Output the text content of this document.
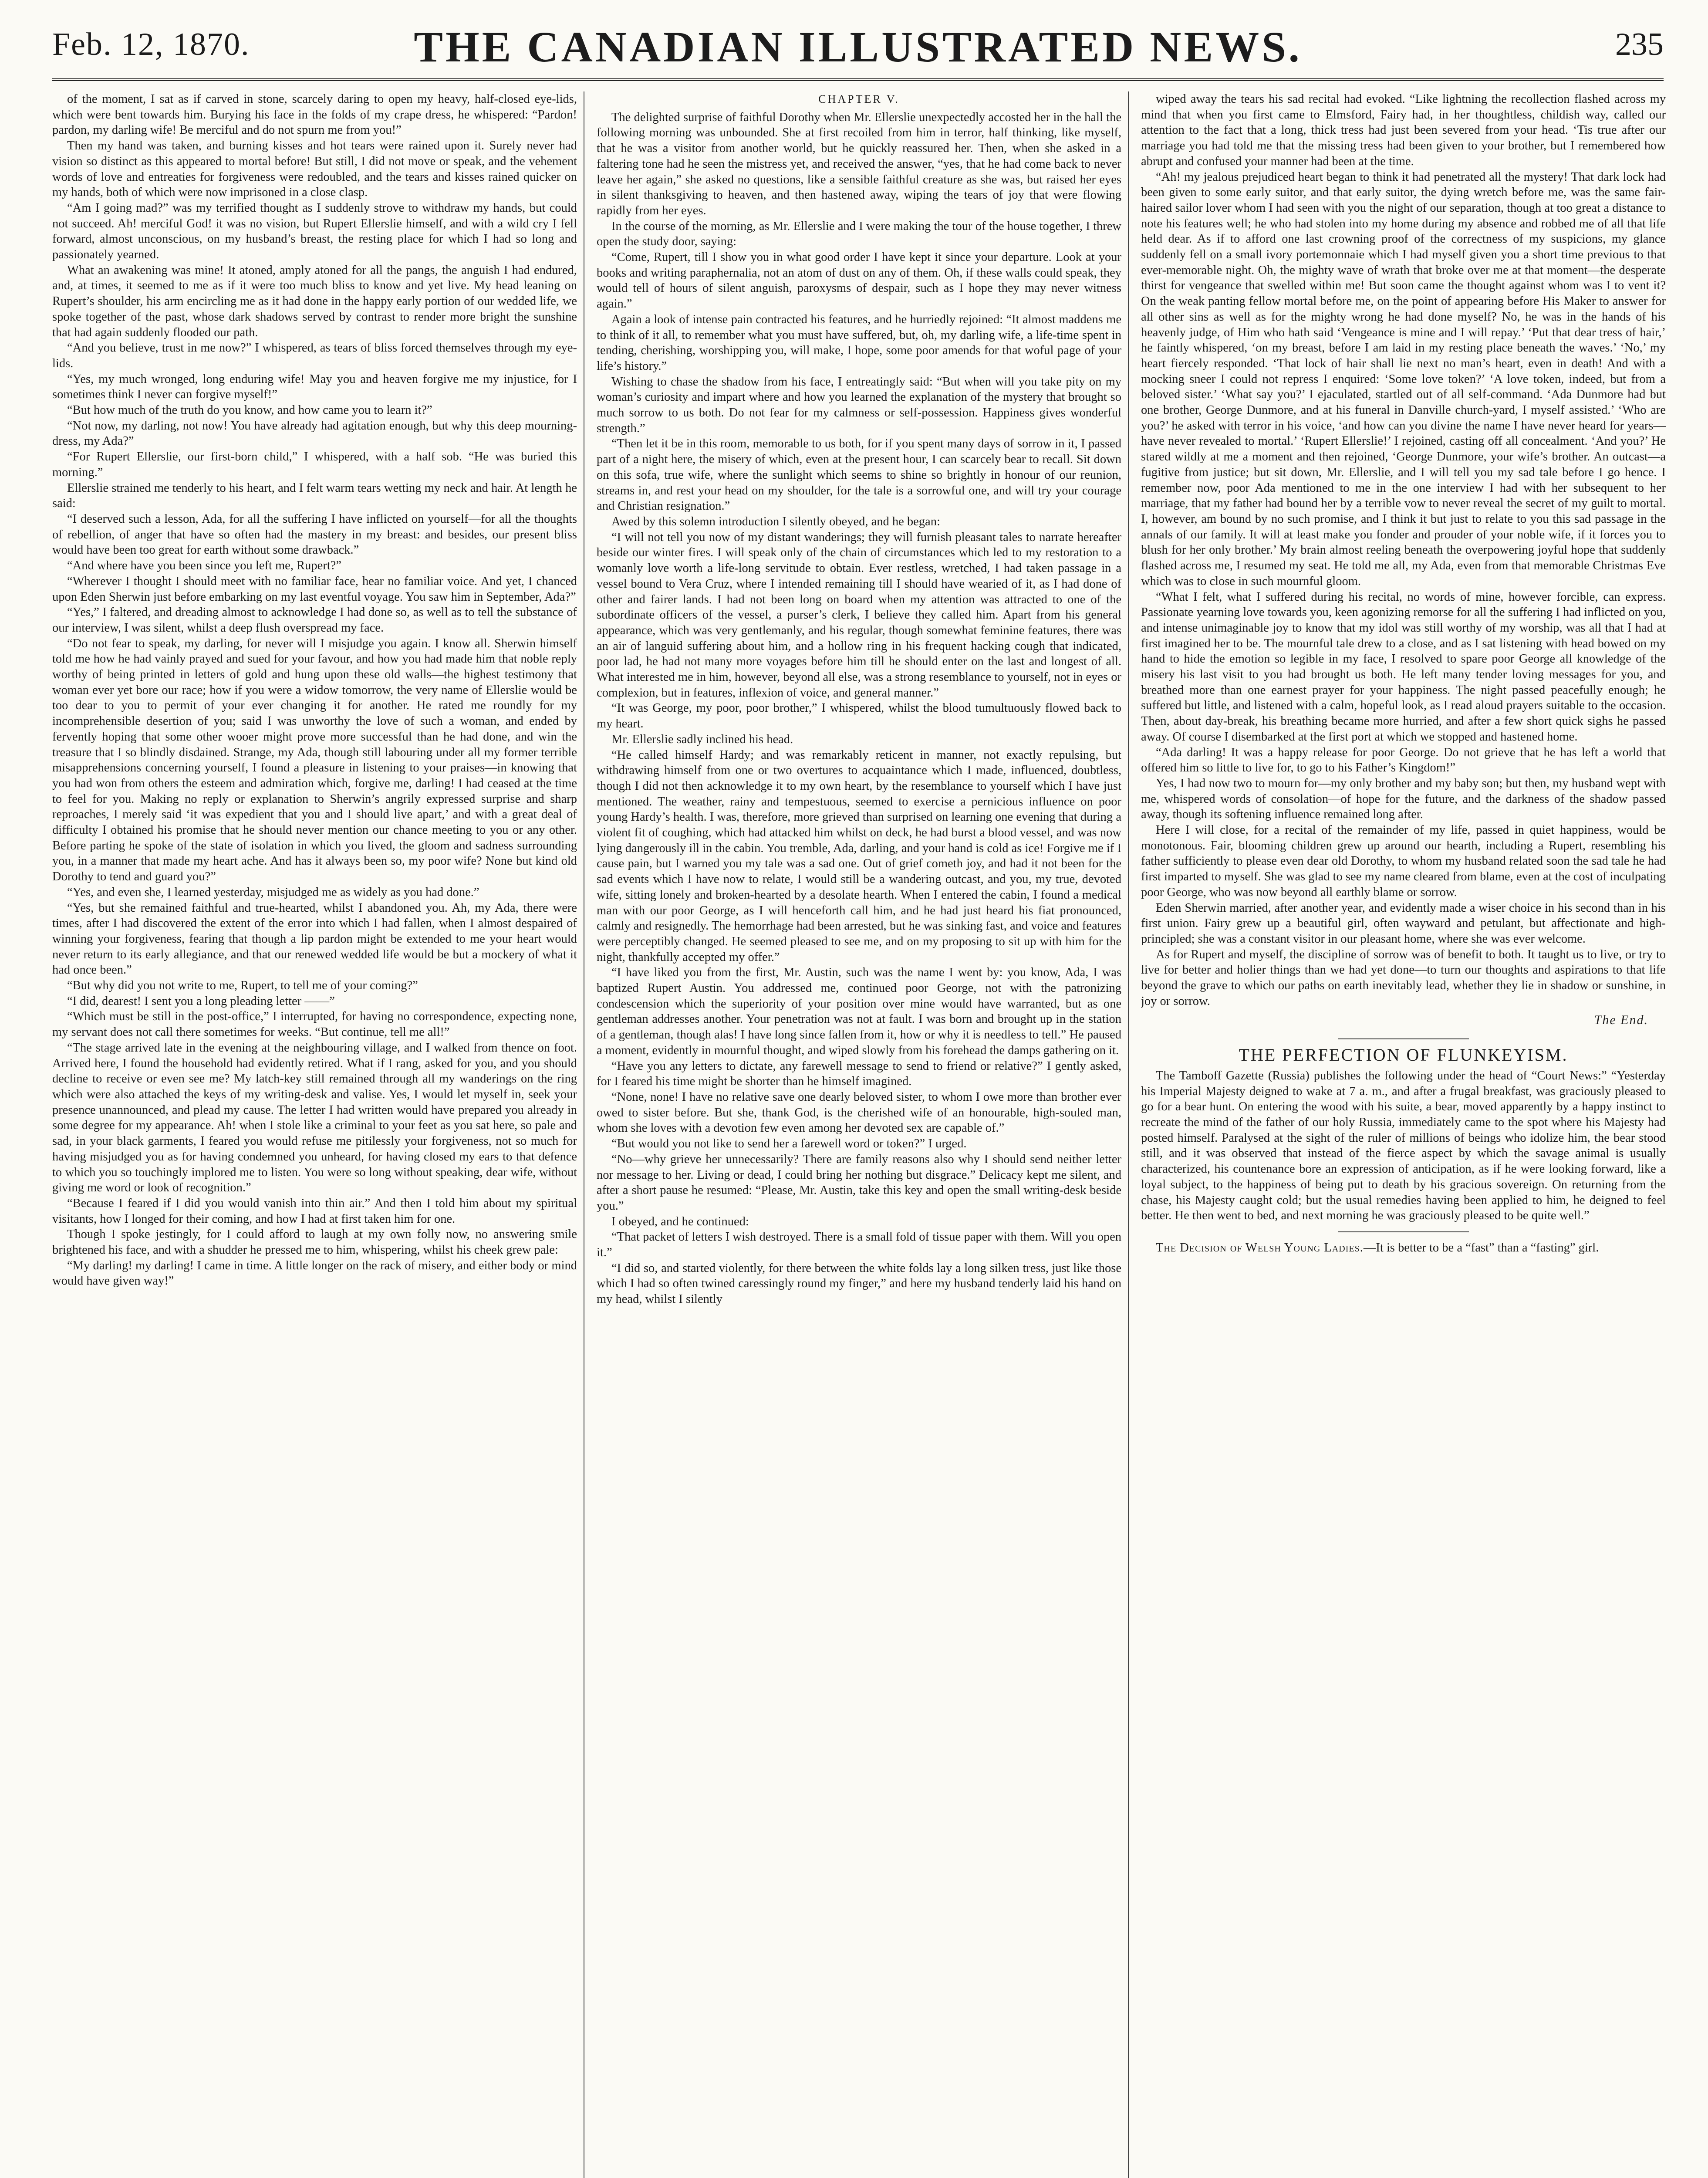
Feb. 12, 1870.	THE CANADIAN ILLUSTRATED NEWS.	235

of the moment, I sat as if carved in stone, scarcely daring to open my heavy, half-closed eye-lids, which were bent towards him. Burying his face in the folds of my crape dress, he whispered: “Pardon! pardon, my darling wife! Be merciful and do not spurn me from you!”

Then my hand was taken, and burning kisses and hot tears were rained upon it. Surely never had vision so distinct as this appeared to mortal before! But still, I did not move or speak, and the vehement words of love and entreaties for forgiveness were redoubled, and the tears and kisses rained quicker on my hands, both of which were now imprisoned in a close clasp.

“Am I going mad?” was my terrified thought as I suddenly strove to withdraw my hands, but could not succeed. Ah! merciful God! it was no vision, but Rupert Ellerslie himself, and with a wild cry I fell forward, almost unconscious, on my husband’s breast, the resting place for which I had so long and passionately yearned.

What an awakening was mine! It atoned, amply atoned for all the pangs, the anguish I had endured, and, at times, it seemed to me as if it were too much bliss to know and yet live. My head leaning on Rupert’s shoulder, his arm encircling me as it had done in the happy early portion of our wedded life, we spoke together of the past, whose dark shadows served by contrast to render more bright the sunshine that had again suddenly flooded our path.

“And you believe, trust in me now?” I whispered, as tears of bliss forced themselves through my eye-lids.

“Yes, my much wronged, long enduring wife! May you and heaven forgive me my injustice, for I sometimes think I never can forgive myself!”

“But how much of the truth do you know, and how came you to learn it?”

“Not now, my darling, not now! You have already had agitation enough, but why this deep mourning-dress, my Ada?”

“For Rupert Ellerslie, our first-born child,” I whispered, with a half sob. “He was buried this morning.”

Ellerslie strained me tenderly to his heart, and I felt warm tears wetting my neck and hair. At length he said:

“I deserved such a lesson, Ada, for all the suffering I have inflicted on yourself—for all the thoughts of rebellion, of anger that have so often had the mastery in my breast: and besides, our present bliss would have been too great for earth without some drawback.”

“And where have you been since you left me, Rupert?”

“Wherever I thought I should meet with no familiar face, hear no familiar voice. And yet, I chanced upon Eden Sherwin just before embarking on my last eventful voyage. You saw him in September, Ada?”

“Yes,” I faltered, and dreading almost to acknowledge I had done so, as well as to tell the substance of our interview, I was silent, whilst a deep flush overspread my face.

“Do not fear to speak, my darling, for never will I misjudge you again. I know all. Sherwin himself told me how he had vainly prayed and sued for your favour, and how you had made him that noble reply worthy of being printed in letters of gold and hung upon these old walls—the highest testimony that woman ever yet bore our race; how if you were a widow tomorrow, the very name of Ellerslie would be too dear to you to permit of your ever changing it for another. He rated me roundly for my incomprehensible desertion of you; said I was unworthy the love of such a woman, and ended by fervently hoping that some other wooer might prove more successful than he had done, and win the treasure that I so blindly disdained. Strange, my Ada, though still labouring under all my former terrible misapprehensions concerning yourself, I found a pleasure in listening to your praises—in knowing that you had won from others the esteem and admiration which, forgive me, darling! I had ceased at the time to feel for you. Making no reply or explanation to Sherwin’s angrily expressed surprise and sharp reproaches, I merely said ‘it was expedient that you and I should live apart,’ and with a great deal of difficulty I obtained his promise that he should never mention our chance meeting to you or any other. Before parting he spoke of the state of isolation in which you lived, the gloom and sadness surrounding you, in a manner that made my heart ache. And has it always been so, my poor wife? None but kind old Dorothy to tend and guard you?”

“Yes, and even she, I learned yesterday, misjudged me as widely as you had done.”

“Yes, but she remained faithful and true-hearted, whilst I abandoned you. Ah, my Ada, there were times, after I had discovered the extent of the error into which I had fallen, when I almost despaired of winning your forgiveness, fearing that though a lip pardon might be extended to me your heart would never return to its early allegiance, and that our renewed wedded life would be but a mockery of what it had once been.”

“But why did you not write to me, Rupert, to tell me of your coming?”

“I did, dearest! I sent you a long pleading letter ——”

“Which must be still in the post-office,” I interrupted, for having no correspondence, expecting none, my servant does not call there sometimes for weeks. “But continue, tell me all!”

“The stage arrived late in the evening at the neighbouring village, and I walked from thence on foot. Arrived here, I found the household had evidently retired. What if I rang, asked for you, and you should decline to receive or even see me? My latch-key still remained through all my wanderings on the ring which were also attached the keys of my writing-desk and valise. Yes, I would let myself in, seek your presence unannounced, and plead my cause. The letter I had written would have prepared you already in some degree for my appearance. Ah! when I stole like a criminal to your feet as you sat here, so pale and sad, in your black garments, I feared you would refuse me pitilessly your forgiveness, not so much for having misjudged you as for having condemned you unheard, for having closed my ears to that defence to which you so touchingly implored me to listen. You were so long without speaking, dear wife, without giving me word or look of recognition.”

“Because I feared if I did you would vanish into thin air.” And then I told him about my spiritual visitants, how I longed for their coming, and how I had at first taken him for one.

Though I spoke jestingly, for I could afford to laugh at my own folly now, no answering smile brightened his face, and with a shudder he pressed me to him, whispering, whilst his cheek grew pale:

“My darling! my darling! I came in time. A little longer on the rack of misery, and either body or mind would have given way!”

CHAPTER V.

The delighted surprise of faithful Dorothy when Mr. Ellerslie unexpectedly accosted her in the hall the following morning was unbounded. She at first recoiled from him in terror, half thinking, like myself, that he was a visitor from another world, but he quickly reassured her. Then, when she asked in a faltering tone had he seen the mistress yet, and received the answer, “yes, that he had come back to never leave her again,” she asked no questions, like a sensible faithful creature as she was, but raised her eyes in silent thanksgiving to heaven, and then hastened away, wiping the tears of joy that were flowing rapidly from her eyes.

In the course of the morning, as Mr. Ellerslie and I were making the tour of the house together, I threw open the study door, saying:

“Come, Rupert, till I show you in what good order I have kept it since your departure. Look at your books and writing paraphernalia, not an atom of dust on any of them. Oh, if these walls could speak, they would tell of hours of silent anguish, paroxysms of despair, such as I hope they may never witness again.”

Again a look of intense pain contracted his features, and he hurriedly rejoined: “It almost maddens me to think of it all, to remember what you must have suffered, but, oh, my darling wife, a life-time spent in tending, cherishing, worshipping you, will make, I hope, some poor amends for that woful page of your life’s history.”

Wishing to chase the shadow from his face, I entreatingly said: “But when will you take pity on my woman’s curiosity and impart where and how you learned the explanation of the mystery that brought so much sorrow to us both. Do not fear for my calmness or self-possession. Happiness gives wonderful strength.”

“Then let it be in this room, memorable to us both, for if you spent many days of sorrow in it, I passed part of a night here, the misery of which, even at the present hour, I can scarcely bear to recall. Sit down on this sofa, true wife, where the sunlight which seems to shine so brightly in honour of our reunion, streams in, and rest your head on my shoulder, for the tale is a sorrowful one, and will try your courage and Christian resignation.”

Awed by this solemn introduction I silently obeyed, and he began:

“I will not tell you now of my distant wanderings; they will furnish pleasant tales to narrate hereafter beside our winter fires. I will speak only of the chain of circumstances which led to my restoration to a womanly love worth a life-long servitude to obtain. Ever restless, wretched, I had taken passage in a vessel bound to Vera Cruz, where I intended remaining till I should have wearied of it, as I had done of other and fairer lands. I had not been long on board when my attention was attracted to one of the subordinate officers of the vessel, a purser’s clerk, I believe they called him. Apart from his general appearance, which was very gentlemanly, and his regular, though somewhat feminine features, there was an air of languid suffering about him, and a hollow ring in his frequent hacking cough that indicated, poor lad, he had not many more voyages before him till he should enter on the last and longest of all. What interested me in him, however, beyond all else, was a strong resemblance to yourself, not in eyes or complexion, but in features, inflexion of voice, and general manner.”

“It was George, my poor, poor brother,” I whispered, whilst the blood tumultuously flowed back to my heart.

Mr. Ellerslie sadly inclined his head.

“He called himself Hardy; and was remarkably reticent in manner, not exactly repulsing, but withdrawing himself from one or two overtures to acquaintance which I made, influenced, doubtless, though I did not then acknowledge it to my own heart, by the resemblance to yourself which I have just mentioned. The weather, rainy and tempestuous, seemed to exercise a pernicious influence on poor young Hardy’s health. I was, therefore, more grieved than surprised on learning one evening that during a violent fit of coughing, which had attacked him whilst on deck, he had burst a blood vessel, and was now lying dangerously ill in the cabin. You tremble, Ada, darling, and your hand is cold as ice! Forgive me if I cause pain, but I warned you my tale was a sad one. Out of grief cometh joy, and had it not been for the sad events which I have now to relate, I would still be a wandering outcast, and you, my true, devoted wife, sitting lonely and broken-hearted by a desolate hearth. When I entered the cabin, I found a medical man with our poor George, as I will henceforth call him, and he had just heard his fiat pronounced, calmly and resignedly. The hemorrhage had been arrested, but he was sinking fast, and voice and features were perceptibly changed. He seemed pleased to see me, and on my proposing to sit up with him for the night, thankfully accepted my offer.”

“I have liked you from the first, Mr. Austin, such was the name I went by: you know, Ada, I was baptized Rupert Austin. You addressed me, continued poor George, not with the patronizing condescension which the superiority of your position over mine would have warranted, but as one gentleman addresses another. Your penetration was not at fault. I was born and brought up in the station of a gentleman, though alas! I have long since fallen from it, how or why it is needless to tell.” He paused a moment, evidently in mournful thought, and wiped slowly from his forehead the damps gathering on it.

“Have you any letters to dictate, any farewell message to send to friend or relative?” I gently asked, for I feared his time might be shorter than he himself imagined.

“None, none! I have no relative save one dearly beloved sister, to whom I owe more than brother ever owed to sister before. But she, thank God, is the cherished wife of an honourable, high-souled man, whom she loves with a devotion few even among her devoted sex are capable of.”

“But would you not like to send her a farewell word or token?” I urged.

“No—why grieve her unnecessarily? There are family reasons also why I should send neither letter nor message to her. Living or dead, I could bring her nothing but disgrace.” Delicacy kept me silent, and after a short pause he resumed: “Please, Mr. Austin, take this key and open the small writing-desk beside you.”

I obeyed, and he continued:

“That packet of letters I wish destroyed. There is a small fold of tissue paper with them. Will you open it.”

“I did so, and started violently, for there between the white folds lay a long silken tress, just like those which I had so often twined caressingly round my finger,” and here my husband tenderly laid his hand on my head, whilst I silently

wiped away the tears his sad recital had evoked. “Like lightning the recollection flashed across my mind that when you first came to Elmsford, Fairy had, in her thoughtless, childish way, called our attention to the fact that a long, thick tress had just been severed from your head. ‘Tis true after our marriage you had told me that the missing tress had been given to your brother, but I remembered how abrupt and confused your manner had been at the time.

“Ah! my jealous prejudiced heart began to think it had penetrated all the mystery! That dark lock had been given to some early suitor, and that early suitor, the dying wretch before me, was the same fair-haired sailor lover whom I had seen with you the night of our separation, though at too great a distance to note his features well; he who had stolen into my home during my absence and robbed me of all that life held dear. As if to afford one last crowning proof of the correctness of my suspicions, my glance suddenly fell on a small ivory portemonnaie which I had myself given you a short time previous to that ever-memorable night. Oh, the mighty wave of wrath that broke over me at that moment—the desperate thirst for vengeance that swelled within me! But soon came the thought against whom was I to vent it? On the weak panting fellow mortal before me, on the point of appearing before His Maker to answer for all other sins as well as for the mighty wrong he had done myself? No, he was in the hands of his heavenly judge, of Him who hath said ‘Vengeance is mine and I will repay.’ ‘Put that dear tress of hair,’ he faintly whispered, ‘on my breast, before I am laid in my resting place beneath the waves.’ ‘No,’ my heart fiercely responded. ‘That lock of hair shall lie next no man’s heart, even in death! And with a mocking sneer I could not repress I enquired: ‘Some love token?’ ‘A love token, indeed, but from a beloved sister.’ ‘What say you?’ I ejaculated, startled out of all self-command. ‘Ada Dunmore had but one brother, George Dunmore, and at his funeral in Danville church-yard, I myself assisted.’ ‘Who are you?’ he asked with terror in his voice, ‘and how can you divine the name I have never heard for years—have never revealed to mortal.’ ‘Rupert Ellerslie!’ I rejoined, casting off all concealment. ‘And you?’ He stared wildly at me a moment and then rejoined, ‘George Dunmore, your wife’s brother. An outcast—a fugitive from justice; but sit down, Mr. Ellerslie, and I will tell you my sad tale before I go hence. I remember now, poor Ada mentioned to me in the one interview I had with her subsequent to her marriage, that my father had bound her by a terrible vow to never reveal the secret of my guilt to mortal. I, however, am bound by no such promise, and I think it but just to relate to you this sad passage in the annals of our family. It will at least make you fonder and prouder of your noble wife, if it forces you to blush for her only brother.’ My brain almost reeling beneath the overpowering joyful hope that suddenly flashed across me, I resumed my seat. He told me all, my Ada, even from that memorable Christmas Eve which was to close in such mournful gloom.

“What I felt, what I suffered during his recital, no words of mine, however forcible, can express. Passionate yearning love towards you, keen agonizing remorse for all the suffering I had inflicted on you, and intense unimaginable joy to know that my idol was still worthy of my worship, was all that I had at first imagined her to be. The mournful tale drew to a close, and as I sat listening with head bowed on my hand to hide the emotion so legible in my face, I resolved to spare poor George all knowledge of the misery his last visit to you had brought us both. He left many tender loving messages for you, and breathed more than one earnest prayer for your happiness. The night passed peacefully enough; he suffered but little, and listened with a calm, hopeful look, as I read aloud prayers suitable to the occasion. Then, about day-break, his breathing became more hurried, and after a few short quick sighs he passed away. Of course I disembarked at the first port at which we stopped and hastened home.

“Ada darling! It was a happy release for poor George. Do not grieve that he has left a world that offered him so little to live for, to go to his Father’s Kingdom!”

Yes, I had now two to mourn for—my only brother and my baby son; but then, my husband wept with me, whispered words of consolation—of hope for the future, and the darkness of the shadow passed away, though its softening influence remained long after.

Here I will close, for a recital of the remainder of my life, passed in quiet happiness, would be monotonous. Fair, blooming children grew up around our hearth, including a Rupert, resembling his father sufficiently to please even dear old Dorothy, to whom my husband related soon the sad tale he had first imparted to myself. She was glad to see my name cleared from blame, even at the cost of inculpating poor George, who was now beyond all earthly blame or sorrow.

Eden Sherwin married, after another year, and evidently made a wiser choice in his second than in his first union. Fairy grew up a beautiful girl, often wayward and petulant, but affectionate and high-principled; she was a constant visitor in our pleasant home, where she was ever welcome.

As for Rupert and myself, the discipline of sorrow was of benefit to both. It taught us to live, or try to live for better and holier things than we had yet done—to turn our thoughts and aspirations to that life beyond the grave to which our paths on earth inevitably lead, whether they lie in shadow or sunshine, in joy or sorrow.

The End.
THE PERFECTION OF FLUNKEYISM.

The Tamboff Gazette (Russia) publishes the following under the head of “Court News:” “Yesterday his Imperial Majesty deigned to wake at 7 a. m., and after a frugal breakfast, was graciously pleased to go for a bear hunt. On entering the wood with his suite, a bear, moved apparently by a happy instinct to recreate the mind of the father of our holy Russia, immediately came to the spot where his Majesty had posted himself. Paralysed at the sight of the ruler of millions of beings who idolize him, the bear stood still, and it was observed that instead of the fierce aspect by which the savage animal is usually characterized, his countenance bore an expression of anticipation, as if he were looking forward, like a loyal subject, to the happiness of being put to death by his gracious sovereign. On returning from the chase, his Majesty caught cold; but the usual remedies having been applied to him, he deigned to feel better. He then went to bed, and next morning he was graciously pleased to be quite well.”

The Decision of Welsh Young Ladies.—It is better to be a “fast” than a “fasting” girl.
